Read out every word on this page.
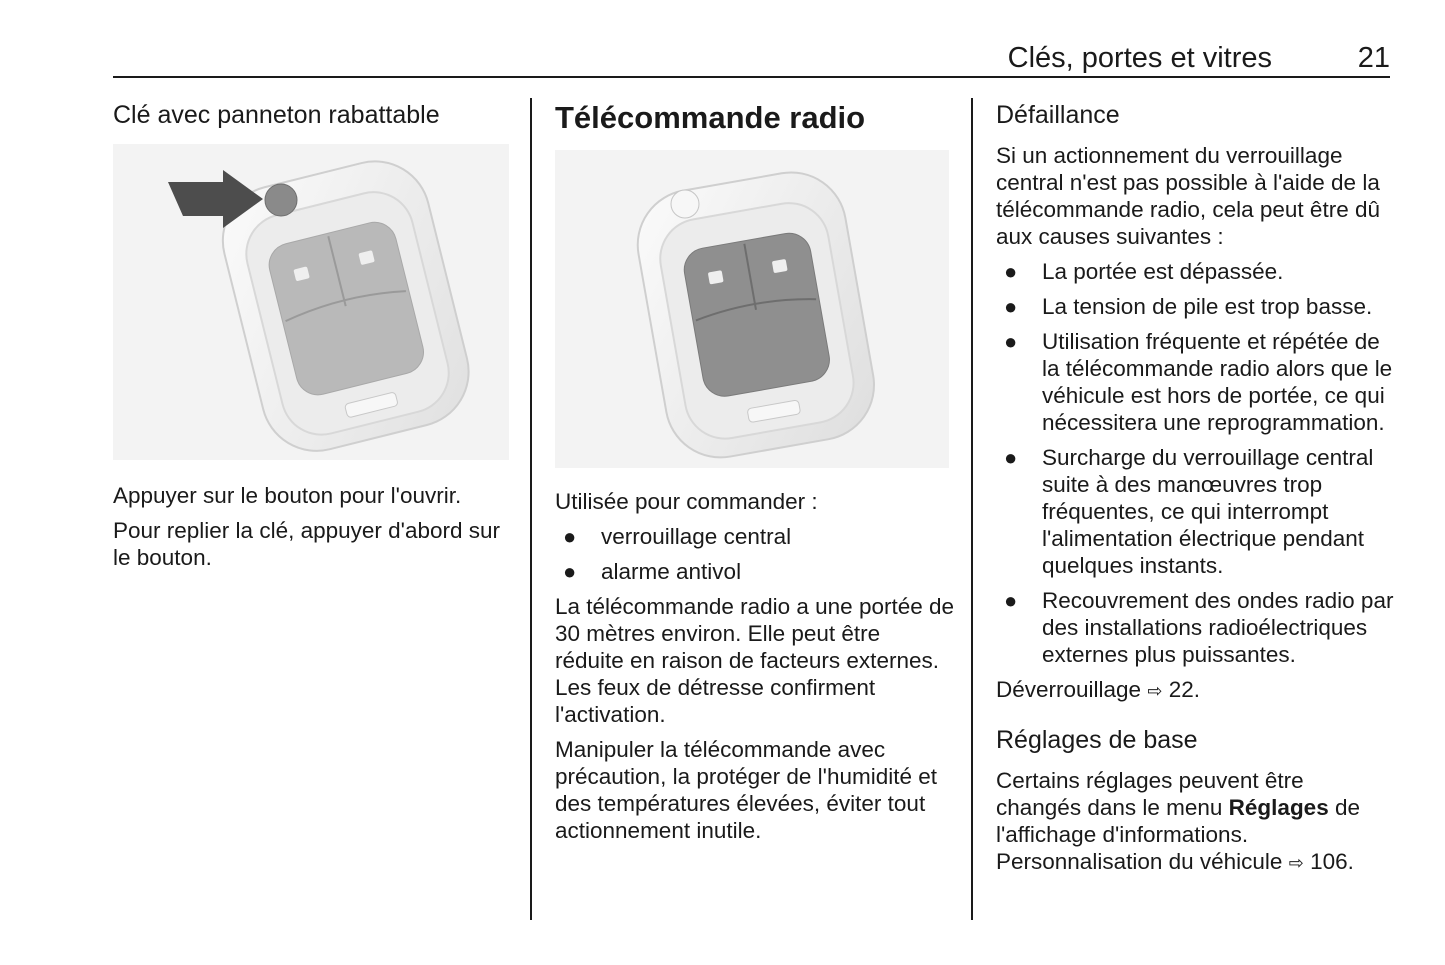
Clés, portes et vitres	21
Clé avec panneton rabattable

Appuyer sur le bouton pour l'ouvrir.

Pour replier la clé, appuyer d'abord sur le bouton.

Télécommande radio

Utilisée pour commander :

● verrouillage central
● alarme antivol

La télécommande radio a une portée de 30 mètres environ. Elle peut être réduite en raison de facteurs externes. Les feux de détresse confirment l'activation.

Manipuler la télécommande avec précaution, la protéger de l'humidité et des températures élevées, éviter tout actionnement inutile.

Défaillance

Si un actionnement du verrouillage central n'est pas possible à l'aide de la télécommande radio, cela peut être dû aux causes suivantes :

● La portée est dépassée.
● La tension de pile est trop basse.
● Utilisation fréquente et répétée de la télécommande radio alors que le véhicule est hors de portée, ce qui nécessitera une reprogrammation.
● Surcharge du verrouillage central suite à des manœuvres trop fréquentes, ce qui interrompt l'alimentation électrique pendant quelques instants.
● Recouvrement des ondes radio par des installations radioélectriques externes plus puissantes.

Déverrouillage ⇨ 22.

Réglages de base

Certains réglages peuvent être changés dans le menu Réglages de l'affichage d'informations. Personnalisation du véhicule ⇨ 106.
